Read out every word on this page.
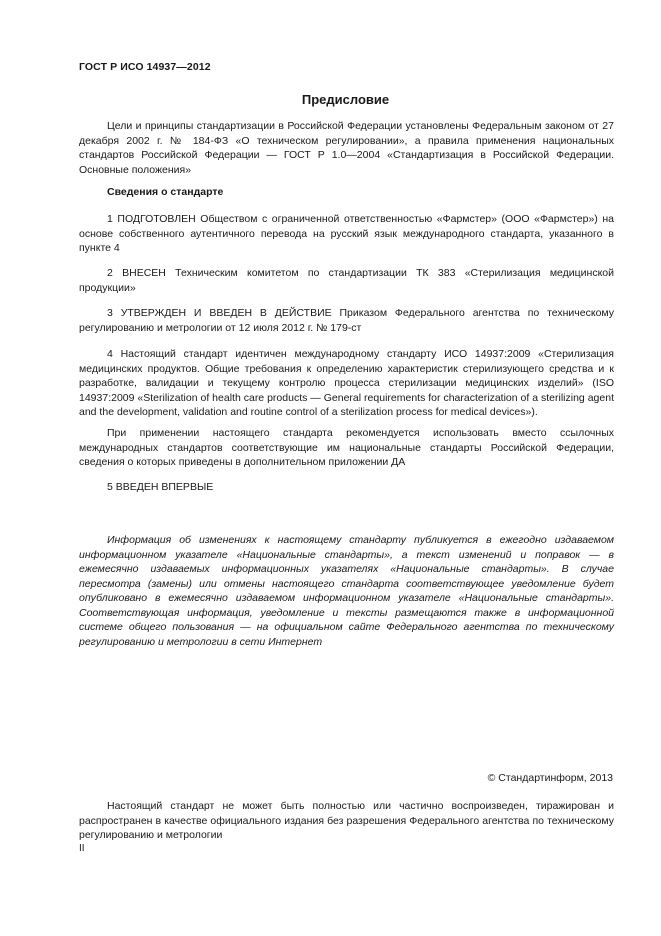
ГОСТ Р ИСО 14937—2012
Предисловие

Цели и принципы стандартизации в Российской Федерации установлены Федеральным законом от 27 декабря 2002 г. № 184-ФЗ «О техническом регулировании», а правила применения национальных стандартов Российской Федерации — ГОСТ Р 1.0—2004 «Стандартизация в Российской Федерации. Основные положения»

Сведения о стандарте

1 ПОДГОТОВЛЕН Обществом с ограниченной ответственностью «Фармстер» (ООО «Фармстер») на основе собственного аутентичного перевода на русский язык международного стандарта, указанного в пункте 4

2 ВНЕСЕН Техническим комитетом по стандартизации ТК 383 «Стерилизация медицинской продукции»

3 УТВЕРЖДЕН И ВВЕДЕН В ДЕЙСТВИЕ Приказом Федерального агентства по техническому регулированию и метрологии от 12 июля 2012 г. № 179-ст

4 Настоящий стандарт идентичен международному стандарту ИСО 14937:2009 «Стерилизация медицинских продуктов. Общие требования к определению характеристик стерилизующего средства и к разработке, валидации и текущему контролю процесса стерилизации медицинских изделий» (ISO 14937:2009 «Sterilization of health care products — General requirements for characterization of a sterilizing agent and the development, validation and routine control of a sterilization process for medical devices»).

При применении настоящего стандарта рекомендуется использовать вместо ссылочных международных стандартов соответствующие им национальные стандарты Российской Федерации, сведения о которых приведены в дополнительном приложении ДА

5 ВВЕДЕН ВПЕРВЫЕ

Информация об изменениях к настоящему стандарту публикуется в ежегодно издаваемом информационном указателе «Национальные стандарты», а текст изменений и поправок — в ежемесячно издаваемых информационных указателях «Национальные стандарты». В случае пересмотра (замены) или отмены настоящего стандарта соответствующее уведомление будет опубликовано в ежемесячно издаваемом информационном указателе «Национальные стандарты». Соответствующая информация, уведомление и тексты размещаются также в информационной системе общего пользования — на официальном сайте Федерального агентства по техническому регулированию и метрологии в сети Интернет

© Стандартинформ, 2013

Настоящий стандарт не может быть полностью или частично воспроизведен, тиражирован и распространен в качестве официального издания без разрешения Федерального агентства по техническому регулированию и метрологии

II
